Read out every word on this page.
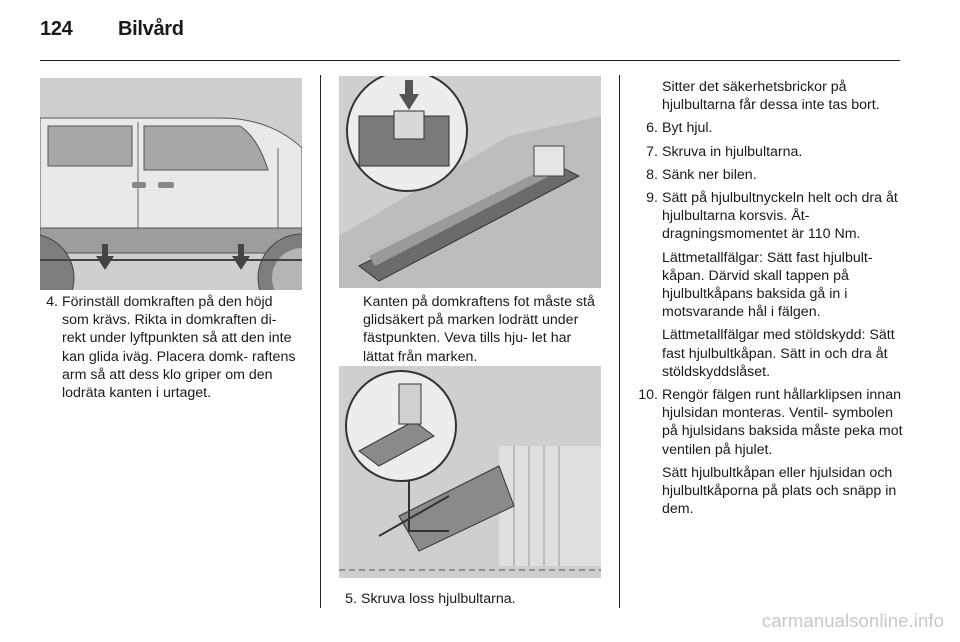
124 Bilvård
4. Förinställ domkraften på den höjd som krävs. Rikta in domkraften di- rekt under lyftpunkten så att den inte kan glida iväg. Placera domk- raftens arm så att dess klo griper om den lodräta kanten i urtaget.

Kanten på domkraftens fot måste stå glidsäkert på marken lodrätt under fästpunkten. Veva tills hju- let har lättat från marken.

5. Skruva loss hjulbultarna.

Sitter det säkerhetsbrickor på hjulbultarna får dessa inte tas bort.

6. Byt hjul.
7. Skruva in hjulbultarna.
8. Sänk ner bilen.
9. Sätt på hjulbultnyckeln helt och dra åt hjulbultarna korsvis. Åt- dragningsmomentet är 110 Nm.

Lättmetallfälgar: Sätt fast hjulbult- kåpan. Därvid skall tappen på hjulbultkåpans baksida gå in i motsvarande hål i fälgen.

Lättmetallfälgar med stöldskydd: Sätt fast hjulbultkåpan. Sätt in och dra åt stöldskyddslåset.

10. Rengör fälgen runt hållarklipsen innan hjulsidan monteras. Ventil- symbolen på hjulsidans baksida måste peka mot ventilen på hjulet.

Sätt hjulbultkåpan eller hjulsidan och hjulbultkåporna på plats och snäpp in dem.

carmanualsonline.info
